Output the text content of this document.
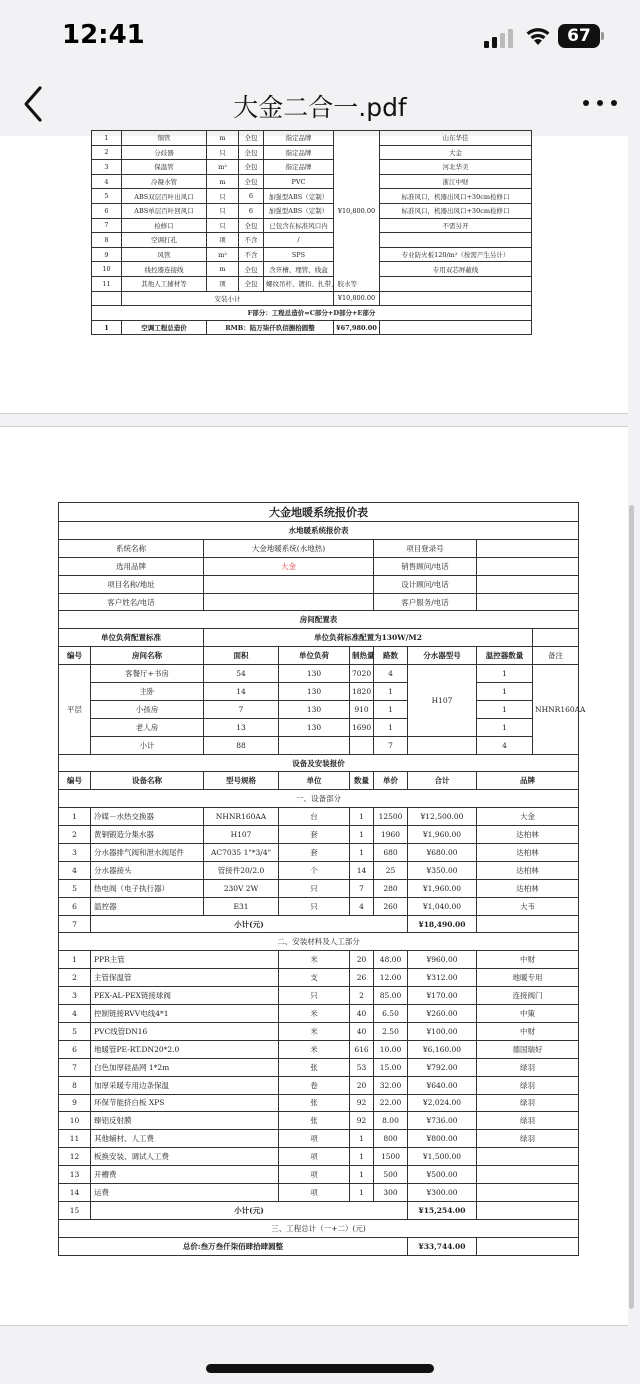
12:41	67
大金二合一.pdf
1	铜管	m	全包	指定品牌	¥10,800.00	山东华佳
2	分歧器	只	全包	指定品牌		大金
3	保温管	m²	全包	指定品牌		河北华美
4	冷凝水管	m	全包	PVC		浙江中财
5	ABS双层百叶出风口	只	6	加强型ABS（定制）		标准风口，机器出风口+30cm检修口
6	ABS单层百叶回风口	只	6	加强型ABS（定制）		标准风口，机器出风口+30cm检修口
7	检修口	只	全包	已包含在标准风口内		不需另开
8	空调打孔	项	不含	/		
9	风管	m²	不含	SPS		专业防火板120/m²（按需产生另计）
10	线控器连接线	m	全包	含开槽、埋管、线盒		专用双芯屏蔽线
11	其他人工辅材等	项	全包	螺纹吊杆、镀扣、扎带、胶水等		
	安装小计				¥10,800.00	
F部分：工程总造价=C部分+D部分+E部分						
1	空调工程总造价	RMB：陆万柒仟玖佰捌拾圆整			¥67,980.00	
大金地暖系统报价表								
水地暖系统报价表								
系统名称		大金地暖系统(水地热)			项目登录号			
选用品牌		大金			销售顾问/电话			
项目名称/地址					设计顾问/电话			
客户姓名/电话					客户服务/电话			
房间配置表								
单位负荷配置标准		单位负荷标准配置为130W/M2						
编号	房间名称	面积	单位负荷	制热量	路数	分水器型号	温控器数量	备注
平层	客餐厅+书房	54	130	7020	4	H107	1	NHNR160AA
	主卧	14	130	1820	1		1	
	小孩房	7	130	910	1		1	
	老人房	13	130	1690	1		1	
	小计	88			7		4	
设备及安装报价								
编号	设备名称	型号规格	单位	数量	单价	合计	品牌	
一、设备部分								
1	冷媒－水热交换器	NHNR160AA	台	1	12500	¥12,500.00	大金	
2	黄铜锻造分集水器	H107	套	1	1960	¥1,960.00	达柏林	
3	分水器排气阀和泄水阀尾件	AC7035 1"*3/4"	套	1	680	¥680.00	达柏林	
4	分水器接头	管接件20/2.0	个	14	25	¥350.00	达柏林	
5	热电阀（电子执行器）	230V 2W	只	7	280	¥1,960.00	达柏林	
6	温控器	E31	只	4	260	¥1,040.00	大韦	
7	小计(元)					¥18,490.00		
二、安装材料及人工部分								
1	PPR主管		米	20	48.00	¥960.00	中财	
2	主管保温管		支	26	12.00	¥312.00	地暖专用	
3	PEX-AL-PEX链接球阀		只	2	85.00	¥170.00	连接阀门	
4	控制链接RVV电线4*1		米	40	6.50	¥260.00	中策	
5	PVC线管DN16		米	40	2.50	¥100.00	中财	
6	地暖管PE-RT.DN20*2.0		米	616	10.00	¥6,160.00	德国瑞好	
7	白色加厚硅晶网 1*2m		张	53	15.00	¥792.00	绿羽	
8	加厚采暖专用边条保温		卷	20	32.00	¥640.00	绿羽	
9	环保节能挤白板 XPS		张	92	22.00	¥2,024.00	绿羽	
10	臻铝反射膜		张	92	8.00	¥736.00	绿羽	
11	其他辅材、人工费		项	1	800	¥800.00	绿羽	
12	板换安装、调试人工费		项	1	1500	¥1,500.00		
13	开槽费		项	1	500	¥500.00		
14	运费		项	1	300	¥300.00		
15	小计(元)					¥15,254.00		
三、工程总计（一+二）(元)								
总价:叁万叁仟柒佰肆拾肆圆整						¥33,744.00		
